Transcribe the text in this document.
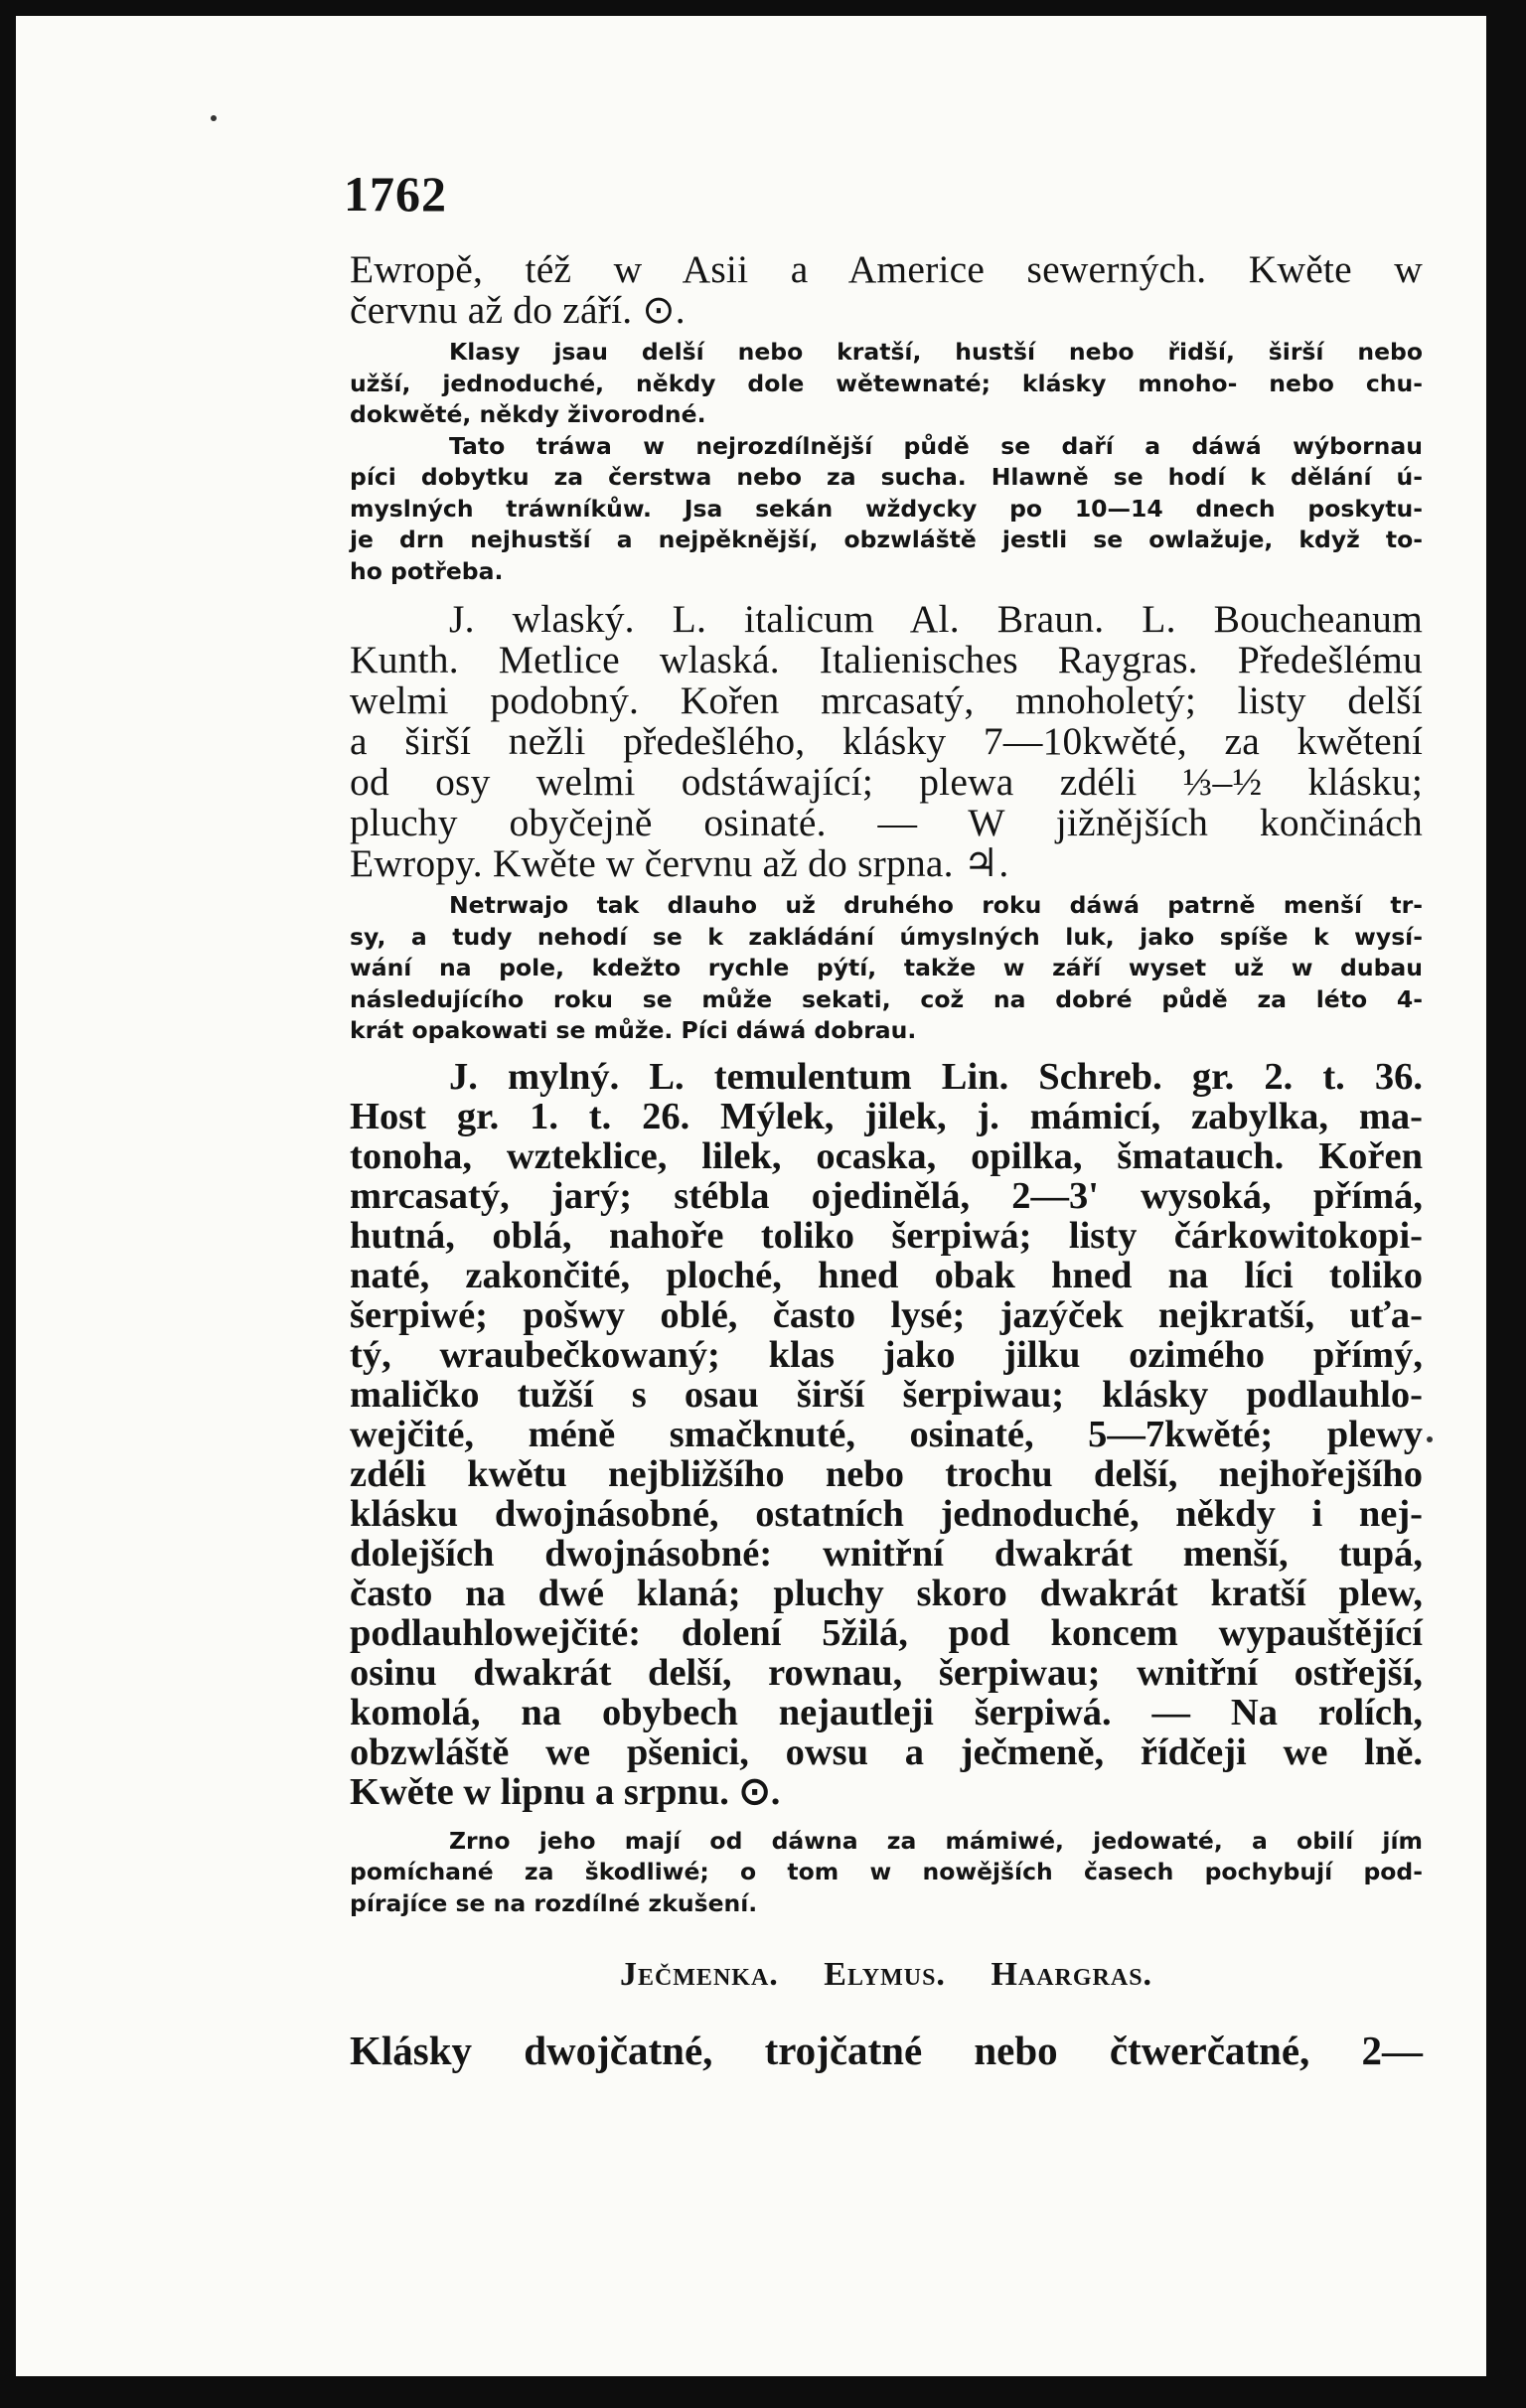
1762

Ewropě, též w Asii a Americe sewerných. Kwěte w

červnu až do září. ⊙.

Klasy jsau delší nebo kratší, hustší nebo řidší, širší nebo

užší, jednoduché, někdy dole wětewnaté; klásky mnoho- nebo chu-

dokwěté, někdy živorodné.

Tato tráwa w nejrozdílnější půdě se daří a dáwá wýbornau

píci dobytku za čerstwa nebo za sucha. Hlawně se hodí k dělání ú-

myslných tráwníkůw. Jsa sekán wždycky po 10—14 dnech poskytu-

je drn nejhustší a nejpěknější, obzwláště jestli se owlažuje, když to-

ho potřeba.

J. wlaský. L. italicum Al. Braun. L. Boucheanum

Kunth. Metlice wlaská. Italienisches Raygras. Předešlému

welmi podobný. Kořen mrcasatý, mnoholetý; listy delší

a širší nežli předešlého, klásky 7—10kwěté, za kwětení

od osy welmi odstáwající; plewa zdéli ⅓–½ klásku;

pluchy obyčejně osinaté. — W jižnějších končinách

Ewropy. Kwěte w červnu až do srpna. ♃.

Netrwajo tak dlauho už druhého roku dáwá patrně menší tr-

sy, a tudy nehodí se k zakládání úmyslných luk, jako spíše k wysí-

wání na pole, kdežto rychle pýtí, takže w září wyset už w dubau

následujícího roku se může sekati, což na dobré půdě za léto 4-

krát opakowati se může. Píci dáwá dobrau.

J. mylný. L. temulentum Lin. Schreb. gr. 2. t. 36.

Host gr. 1. t. 26. Mýlek, jilek, j. mámicí, zabylka, ma-

tonoha, wzteklice, lilek, ocaska, opilka, šmatauch. Kořen

mrcasatý, jarý; stébla ojedinělá, 2—3' wysoká, přímá,

hutná, oblá, nahoře toliko šerpiwá; listy čárkowitokopi-

naté, zakončité, ploché, hned obak hned na líci toliko

šerpiwé; pošwy oblé, často lysé; jazýček nejkratší, uťa-

tý, wraubečkowaný; klas jako jilku ozimého přímý,

maličko tužší s osau širší šerpiwau; klásky podlauhlo-

wejčité, méně smačknuté, osinaté, 5—7kwěté; plewy

zdéli kwětu nejbližšího nebo trochu delší, nejhořejšího

klásku dwojnásobné, ostatních jednoduché, někdy i nej-

dolejších dwojnásobné: wnitřní dwakrát menší, tupá,

často na dwé klaná; pluchy skoro dwakrát kratší plew,

podlauhlowejčité: dolení 5žilá, pod koncem wypauštějící

osinu dwakrát delší, rownau, šerpiwau; wnitřní ostřejší,

komolá, na obybech nejautleji šerpiwá. — Na rolích,

obzwláště we pšenici, owsu a ječmeně, řídčeji we lně.

Kwěte w lipnu a srpnu. ⊙.

Zrno jeho mají od dáwna za mámiwé, jedowaté, a obilí jím

pomíchané za škodliwé; o tom w nowějších časech pochybují pod-

pírajíce se na rozdílné zkušení.

Ječmenka. Elymus. Haargras.

Klásky dwojčatné, trojčatné nebo čtwerčatné, 2—
